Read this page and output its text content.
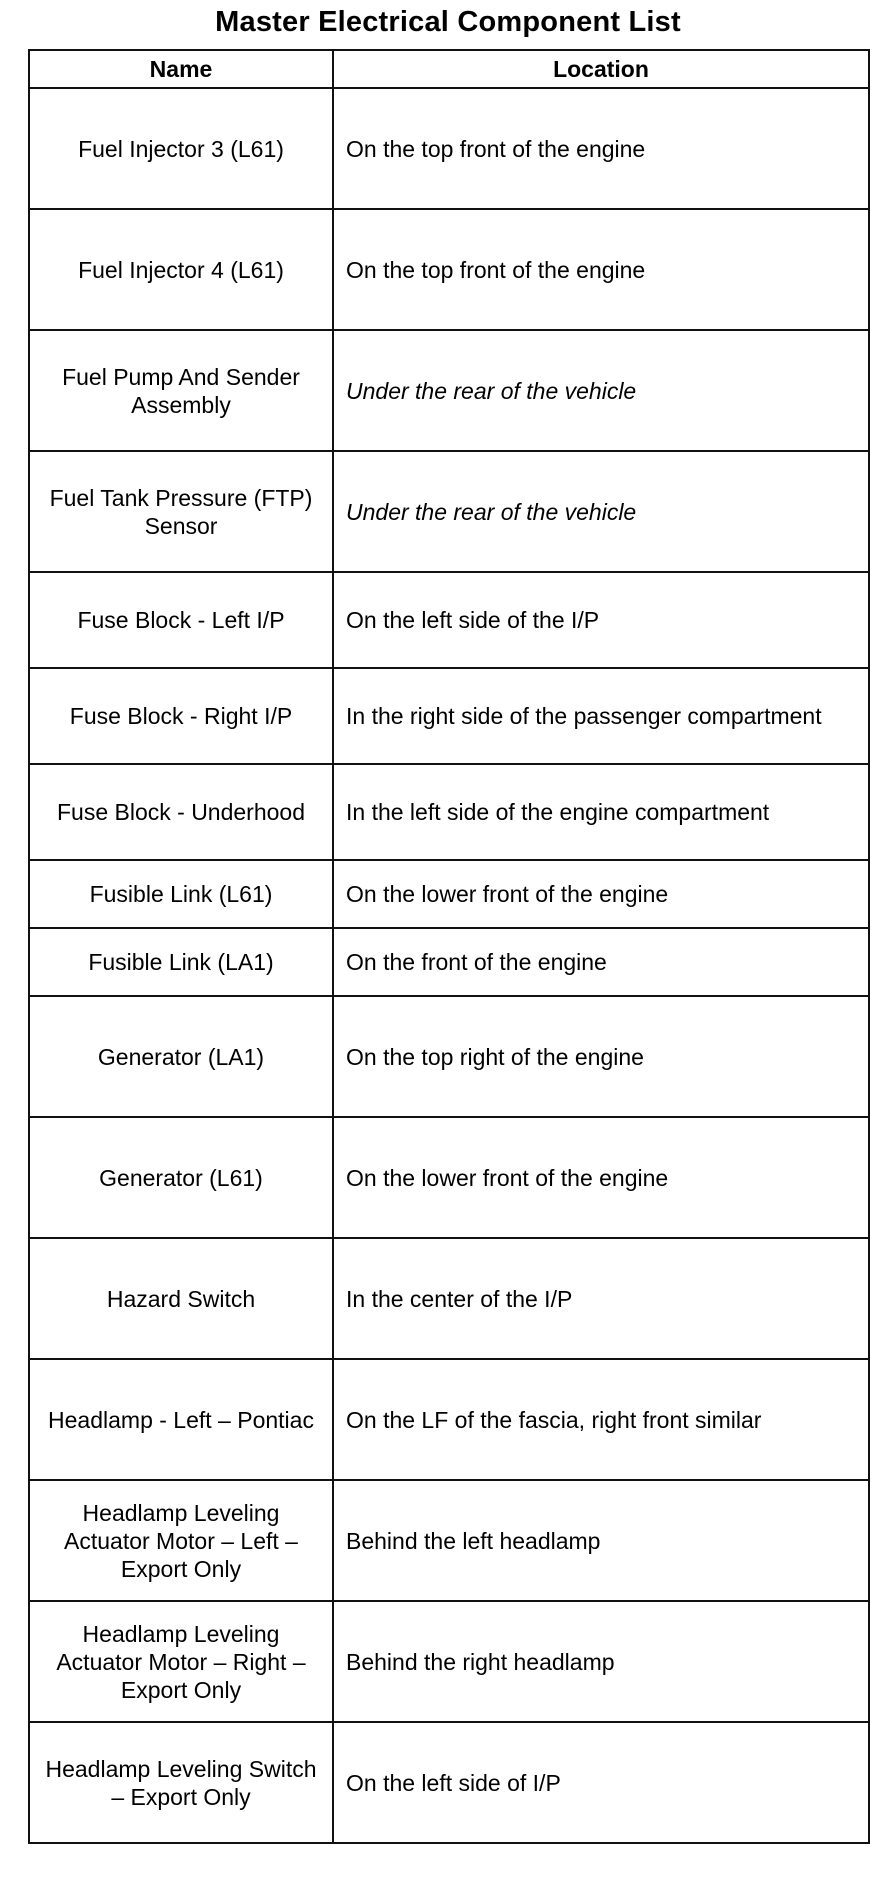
Master Electrical Component List
Name	Location
Fuel Injector 3 (L61)	On the top front of the engine
Fuel Injector 4 (L61)	On the top front of the engine
Fuel Pump And Sender Assembly	Under the rear of the vehicle
Fuel Tank Pressure (FTP) Sensor	Under the rear of the vehicle
Fuse Block - Left I/P	On the left side of the I/P
Fuse Block - Right I/P	In the right side of the passenger compartment
Fuse Block - Underhood	In the left side of the engine compartment
Fusible Link (L61)	On the lower front of the engine
Fusible Link (LA1)	On the front of the engine
Generator (LA1)	On the top right of the engine
Generator (L61)	On the lower front of the engine
Hazard Switch	In the center of the I/P
Headlamp - Left – Pontiac	On the LF of the fascia, right front similar
Headlamp Leveling Actuator Motor – Left – Export Only	Behind the left headlamp
Headlamp Leveling Actuator Motor – Right – Export Only	Behind the right headlamp
Headlamp Leveling Switch – Export Only	On the left side of I/P
